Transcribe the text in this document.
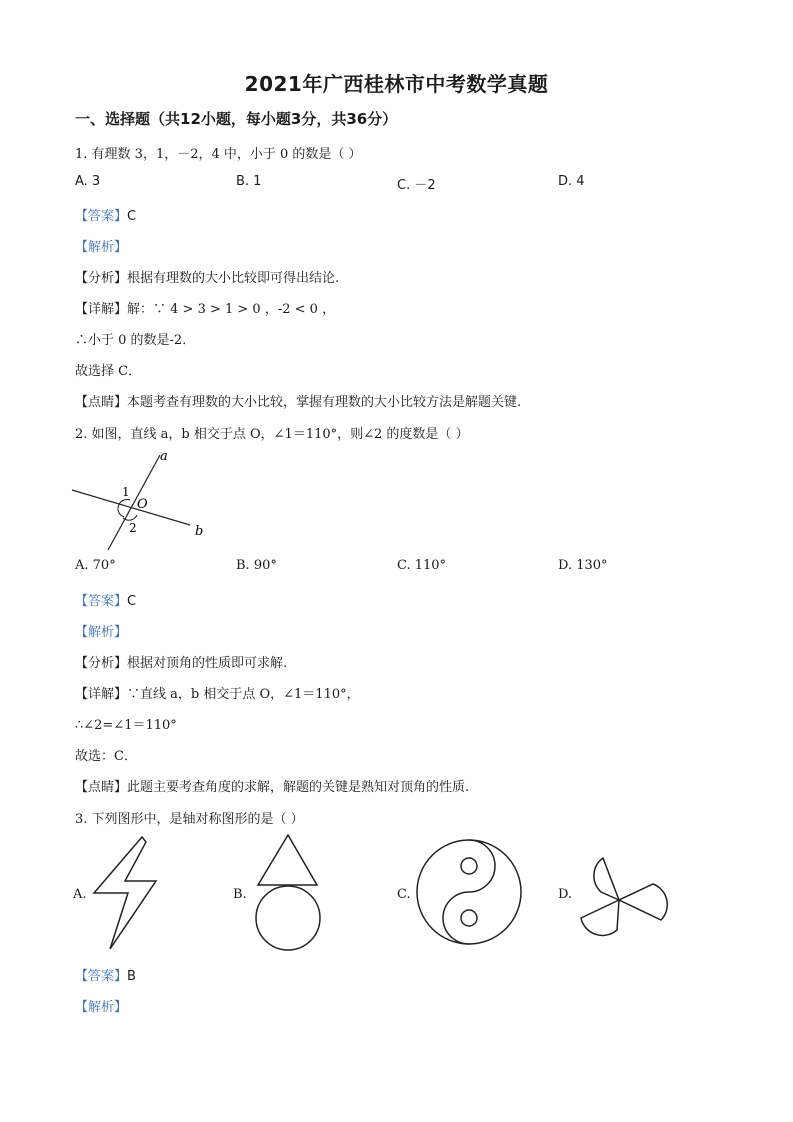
2021年广西桂林市中考数学真题
一、选择题（共12小题，每小题3分，共36分）
1. 有理数 3，1，－2，4 中，小于 0 的数是（ ）
A. 3	B. 1	C. －2	D. 4
【答案】C
【解析】
【分析】根据有理数的大小比较即可得出结论.
【详解】解：∵ 4 > 3 > 1 > 0 ，-2 < 0 ，
∴小于 0 的数是-2．
故选择 C．
【点睛】本题考查有理数的大小比较，掌握有理数的大小比较方法是解题关键.
2. 如图，直线 a，b 相交于点 O，∠1＝110°，则∠2 的度数是（ ）
a
b
O
1
2
A. 70°	B. 90°	C. 110°	D. 130°
【答案】C
【解析】
【分析】根据对顶角的性质即可求解.
【详解】∵直线 a，b 相交于点 O，∠1＝110°，
∴∠2=∠1＝110°
故选：C．
【点睛】此题主要考查角度的求解，解题的关键是熟知对顶角的性质.
3. 下列图形中，是轴对称图形的是（ ）
A.	B.	C.	D.
【答案】B
【解析】
